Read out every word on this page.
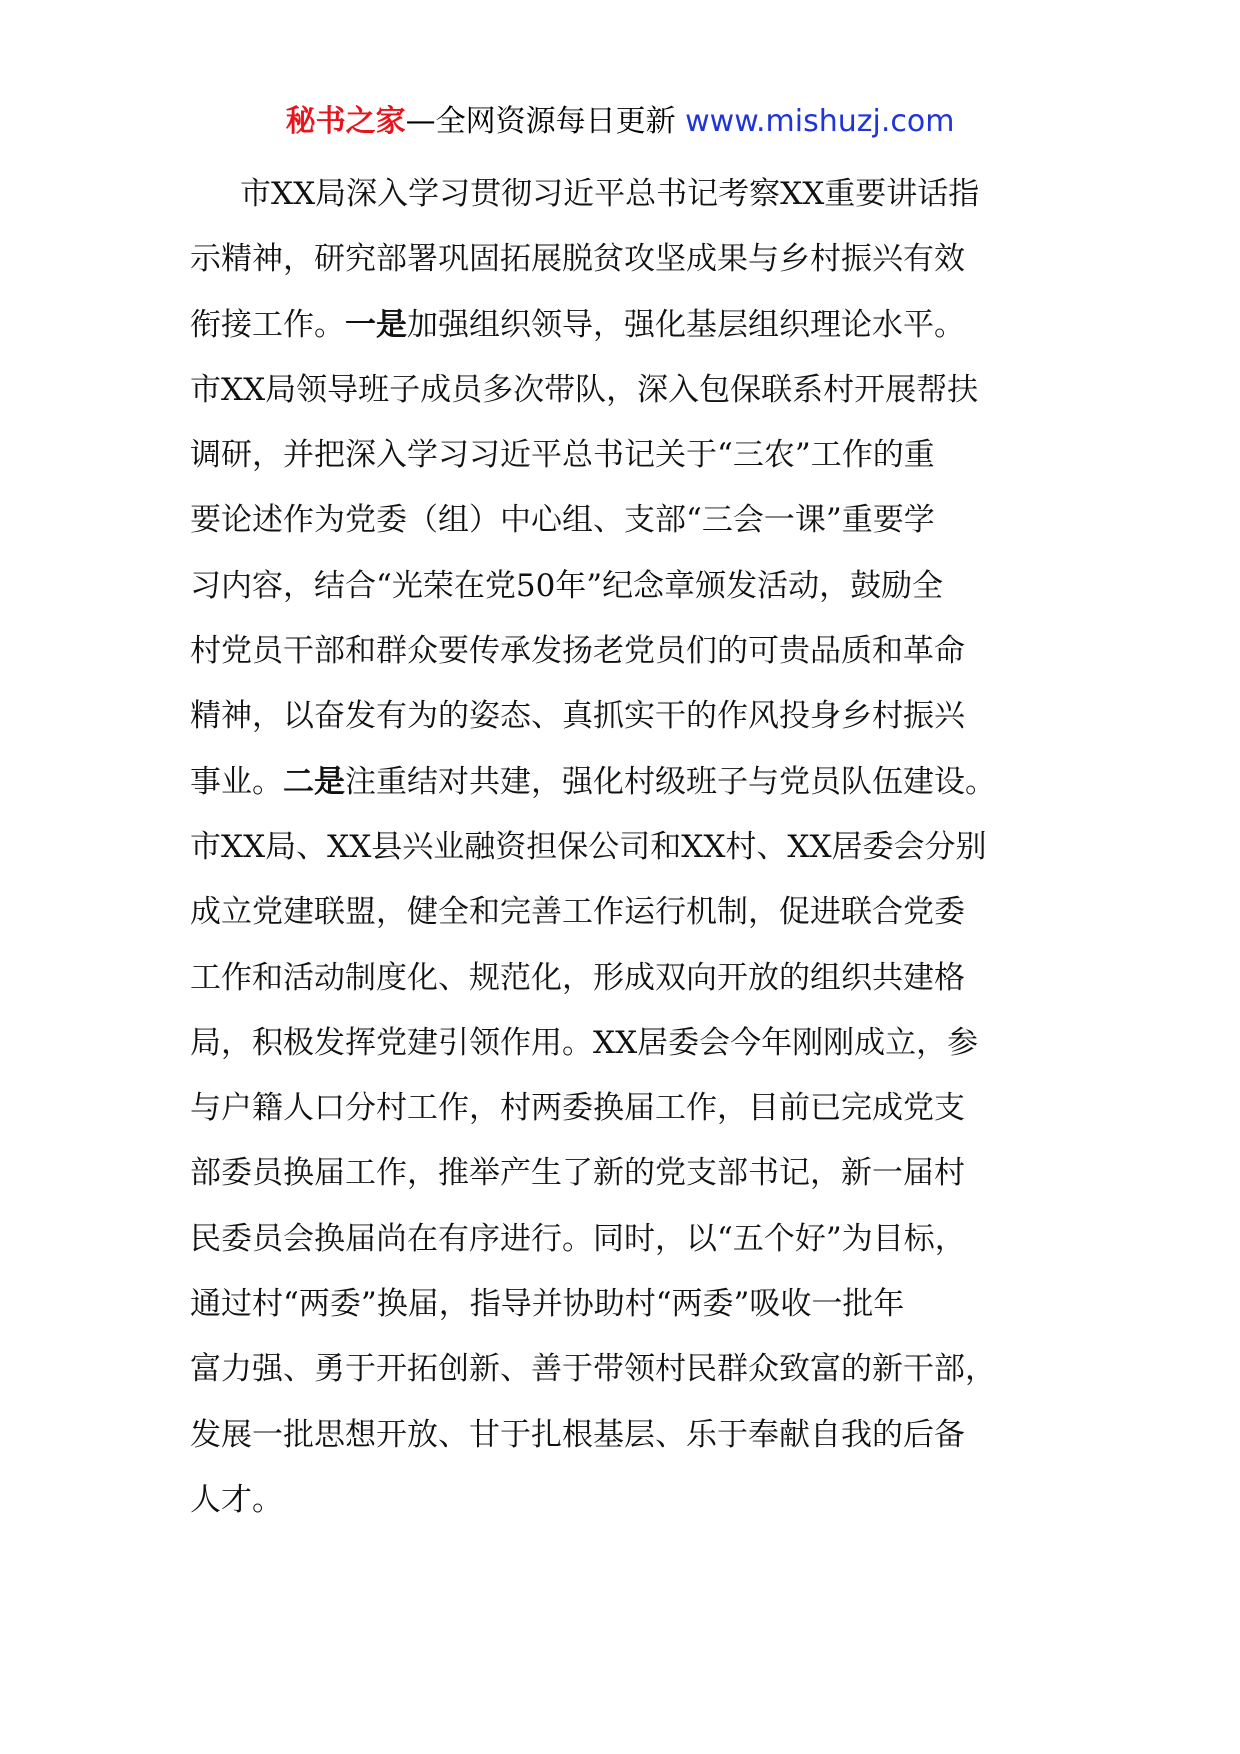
秘书之家—全网资源每日更新 www.mishuzj.com
市XX局深入学习贯彻习近平总书记考察XX重要讲话指
示精神，研究部署巩固拓展脱贫攻坚成果与乡村振兴有效
衔接工作。一是加强组织领导，强化基层组织理论水平。
市XX局领导班子成员多次带队，深入包保联系村开展帮扶
调研，并把深入学习习近平总书记关于“三农”工作的重
要论述作为党委（组）中心组、支部“三会一课”重要学
习内容，结合“光荣在党50年”纪念章颁发活动，鼓励全
村党员干部和群众要传承发扬老党员们的可贵品质和革命
精神，以奋发有为的姿态、真抓实干的作风投身乡村振兴
事业。二是注重结对共建，强化村级班子与党员队伍建设。
市XX局、XX县兴业融资担保公司和XX村、XX居委会分别
成立党建联盟，健全和完善工作运行机制，促进联合党委
工作和活动制度化、规范化，形成双向开放的组织共建格
局，积极发挥党建引领作用。XX居委会今年刚刚成立，参
与户籍人口分村工作，村两委换届工作，目前已完成党支
部委员换届工作，推举产生了新的党支部书记，新一届村
民委员会换届尚在有序进行。同时，以“五个好”为目标，
通过村“两委”换届，指导并协助村“两委”吸收一批年
富力强、勇于开拓创新、善于带领村民群众致富的新干部，
发展一批思想开放、甘于扎根基层、乐于奉献自我的后备
人才。
